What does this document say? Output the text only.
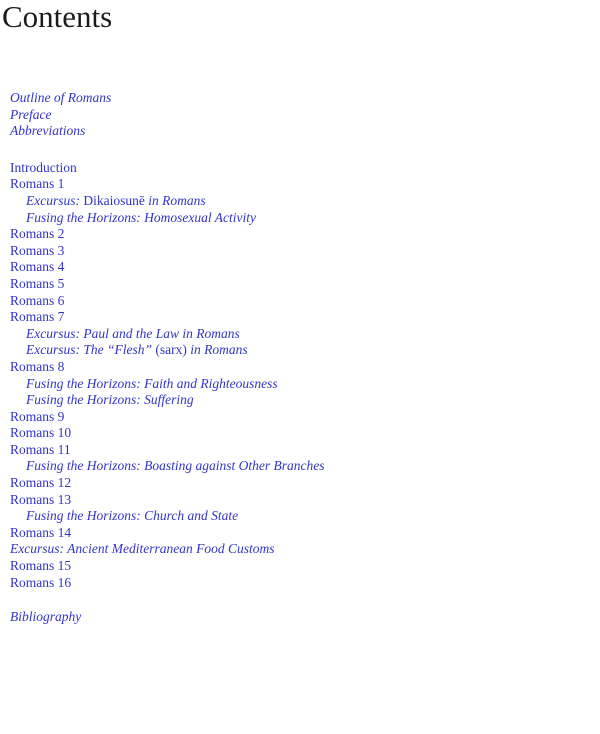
Contents
Outline of Romans
Preface
Abbreviations
Introduction
Romans 1
Excursus: Dikaiosunē in Romans
Fusing the Horizons: Homosexual Activity
Romans 2
Romans 3
Romans 4
Romans 5
Romans 6
Romans 7
Excursus: Paul and the Law in Romans
Excursus: The “Flesh” (sarx) in Romans
Romans 8
Fusing the Horizons: Faith and Righteousness
Fusing the Horizons: Suffering
Romans 9
Romans 10
Romans 11
Fusing the Horizons: Boasting against Other Branches
Romans 12
Romans 13
Fusing the Horizons: Church and State
Romans 14
Excursus: Ancient Mediterranean Food Customs
Romans 15
Romans 16
Bibliography
